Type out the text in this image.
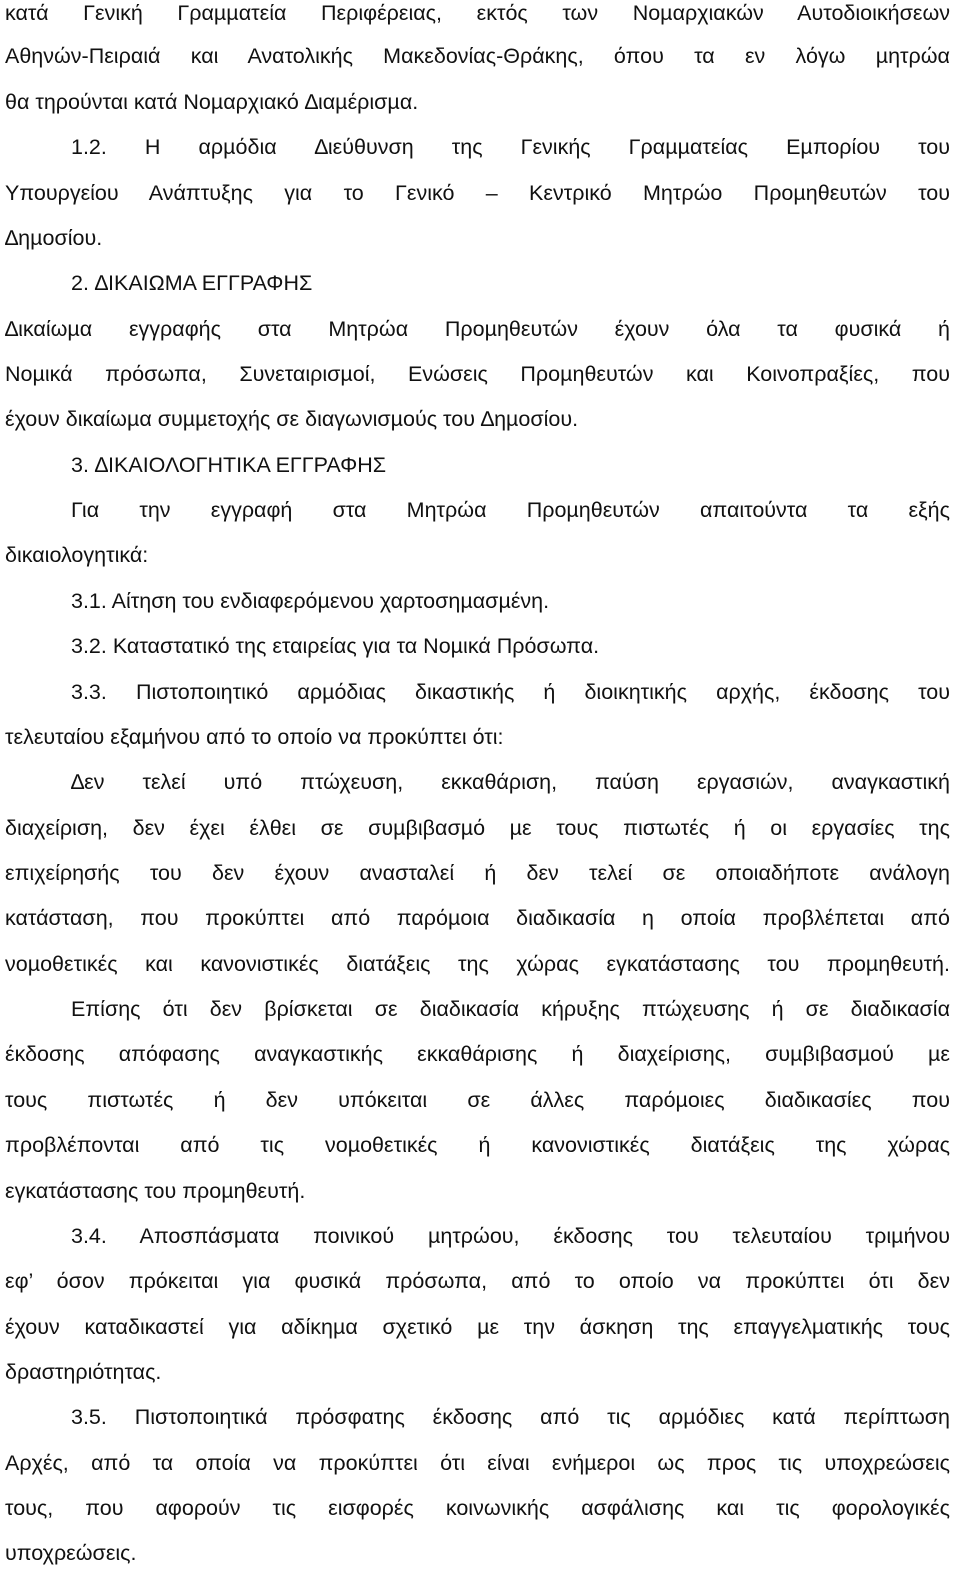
κατά Γενική Γραµµατεία Περιφέρειας, εκτός των Νοµαρχιακών Αυτοδιοικήσεων
Αθηνών-Πειραιά και Ανατολικής Μακεδονίας-Θράκης, όπου τα εν λόγω µητρώα
θα τηρούνται κατά Νοµαρχιακό ∆ιαµέρισµα.
1.2. Η αρµόδια ∆ιεύθυνση της Γενικής Γραµµατείας Εµπορίου του
Υπουργείου Ανάπτυξης για το Γενικό – Κεντρικό Μητρώο Προµηθευτών του
∆ηµοσίου.
2. ∆ΙΚΑΙΩΜΑ ΕΓΓΡΑΦΗΣ
∆ικαίωµα εγγραφής στα Μητρώα Προµηθευτών έχουν όλα τα φυσικά ή
Νοµικά πρόσωπα, Συνεταιρισµοί, Ενώσεις Προµηθευτών και Κοινοπραξίες, που
έχουν δικαίωµα συµµετοχής σε διαγωνισµούς του ∆ηµοσίου.
3. ∆ΙΚΑΙΟΛΟΓΗΤΙΚΑ ΕΓΓΡΑΦΗΣ
Για την εγγραφή στα Μητρώα Προµηθευτών απαιτούντα τα εξής
δικαιολογητικά:
3.1. Αίτηση του ενδιαφερόµενου χαρτοσηµασµένη.
3.2. Καταστατικό της εταιρείας για τα Νοµικά Πρόσωπα.
3.3. Πιστοποιητικό αρµόδιας δικαστικής ή διοικητικής αρχής, έκδοσης του
τελευταίου εξαµήνου από το οποίο να προκύπτει ότι:
∆εν τελεί υπό πτώχευση, εκκαθάριση, παύση εργασιών, αναγκαστική
διαχείριση, δεν έχει έλθει σε συµβιβασµό µε τους πιστωτές ή οι εργασίες της
επιχείρησής του δεν έχουν ανασταλεί ή δεν τελεί σε οποιαδήποτε ανάλογη
κατάσταση, που προκύπτει από παρόµοια διαδικασία η οποία προβλέπεται από
νοµοθετικές και κανονιστικές διατάξεις της χώρας εγκατάστασης του προµηθευτή.
Επίσης ότι δεν βρίσκεται σε διαδικασία κήρυξης πτώχευσης ή σε διαδικασία
έκδοσης απόφασης αναγκαστικής εκκαθάρισης ή διαχείρισης, συµβιβασµού µε
τους πιστωτές ή δεν υπόκειται σε άλλες παρόµοιες διαδικασίες που
προβλέπονται από τις νοµοθετικές ή κανονιστικές διατάξεις της χώρας
εγκατάστασης του προµηθευτή.
3.4. Αποσπάσµατα ποινικού µητρώου, έκδοσης του τελευταίου τριµήνου
εφ’ όσον πρόκειται για φυσικά πρόσωπα, από το οποίο να προκύπτει ότι δεν
έχουν καταδικαστεί για αδίκηµα σχετικό µε την άσκηση της επαγγελµατικής τους
δραστηριότητας.
3.5. Πιστοποιητικά πρόσφατης έκδοσης από τις αρµόδιες κατά περίπτωση
Αρχές, από τα οποία να προκύπτει ότι είναι ενήµεροι ως προς τις υποχρεώσεις
τους, που αφορούν τις εισφορές κοινωνικής ασφάλισης και τις φορολογικές
υποχρεώσεις.
